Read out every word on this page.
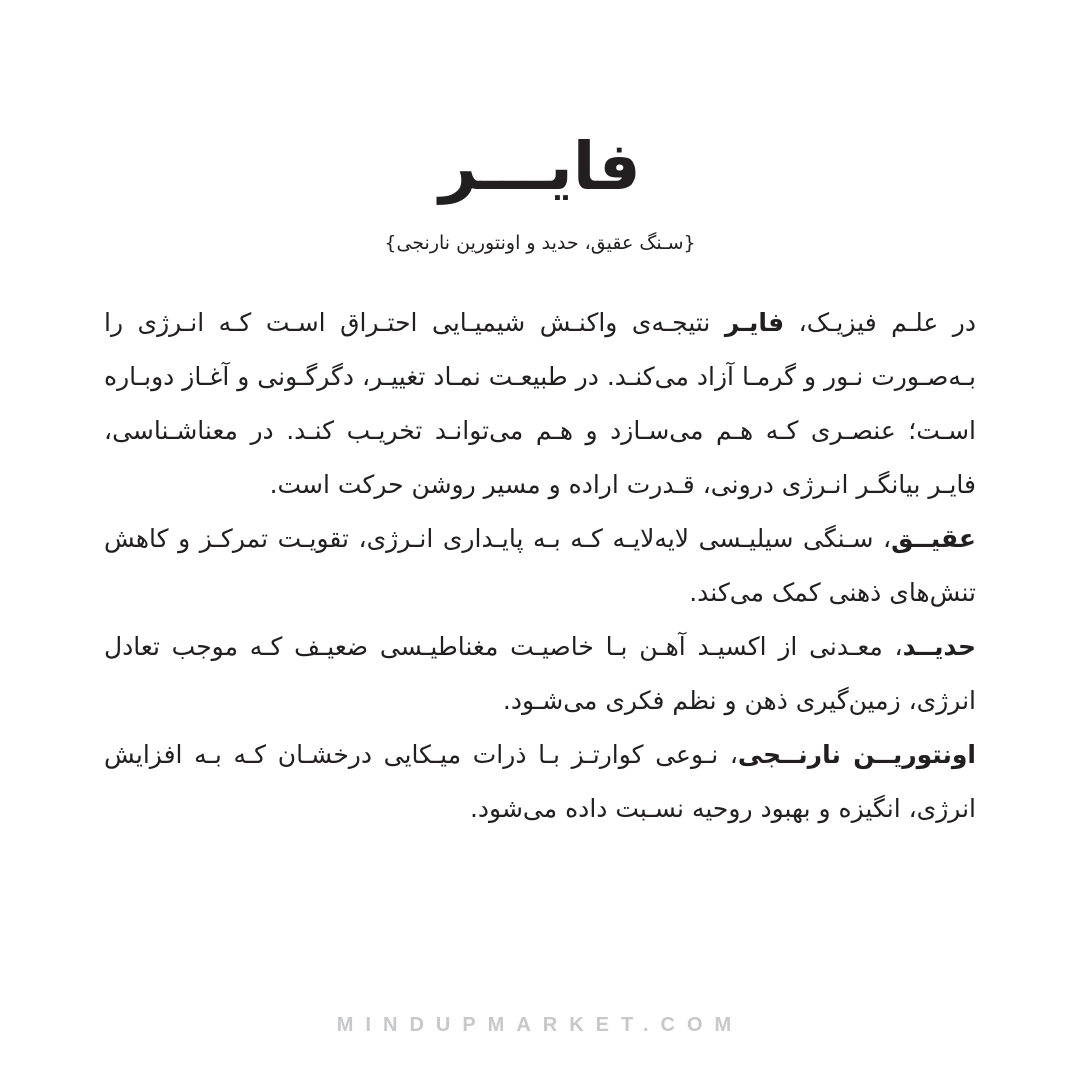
فایـــر

{سـنگ عقیق، حدید و اونتورین نارنجی}

در علـم فیزیـک، فایـر نتیجـه‌ی واکنـش شیمیـایی احتـراق اسـت کـه انـرژی را بـه‌صـورت نـور و گرمـا آزاد می‌کنـد. در طبیعـت نمـاد تغییـر، دگرگـونی و آغـاز دوبـاره اسـت؛ عنصـری کـه هـم می‌سـازد و هـم می‌توانـد تخریـب کنـد. در معناشـناسی، فایـر بیانگـر انـرژی درونی، قـدرت اراده و مسیر روشن حرکت است.

عقیــق، سـنگی سیلیـسی لایه‌لایـه کـه بـه پایـداری انـرژی، تقویـت تمرکـز و کاهش تنش‌های ذهنی کمک می‌کند.

حدیــد، معـدنی از اکسیـد آهـن بـا خاصیـت مغناطیـسی ضعیـف کـه موجب تعادل انرژی، زمین‌گیری ذهن و نظم فکری می‌شـود.

اونتوریــن نارنــجی، نـوعی کوارتـز بـا ذرات میـکایی درخشـان کـه بـه افزایش انرژی، انگیزه و بهبود روحیه نسـبت داده می‌شود.

MINDUPMARKET.COM
